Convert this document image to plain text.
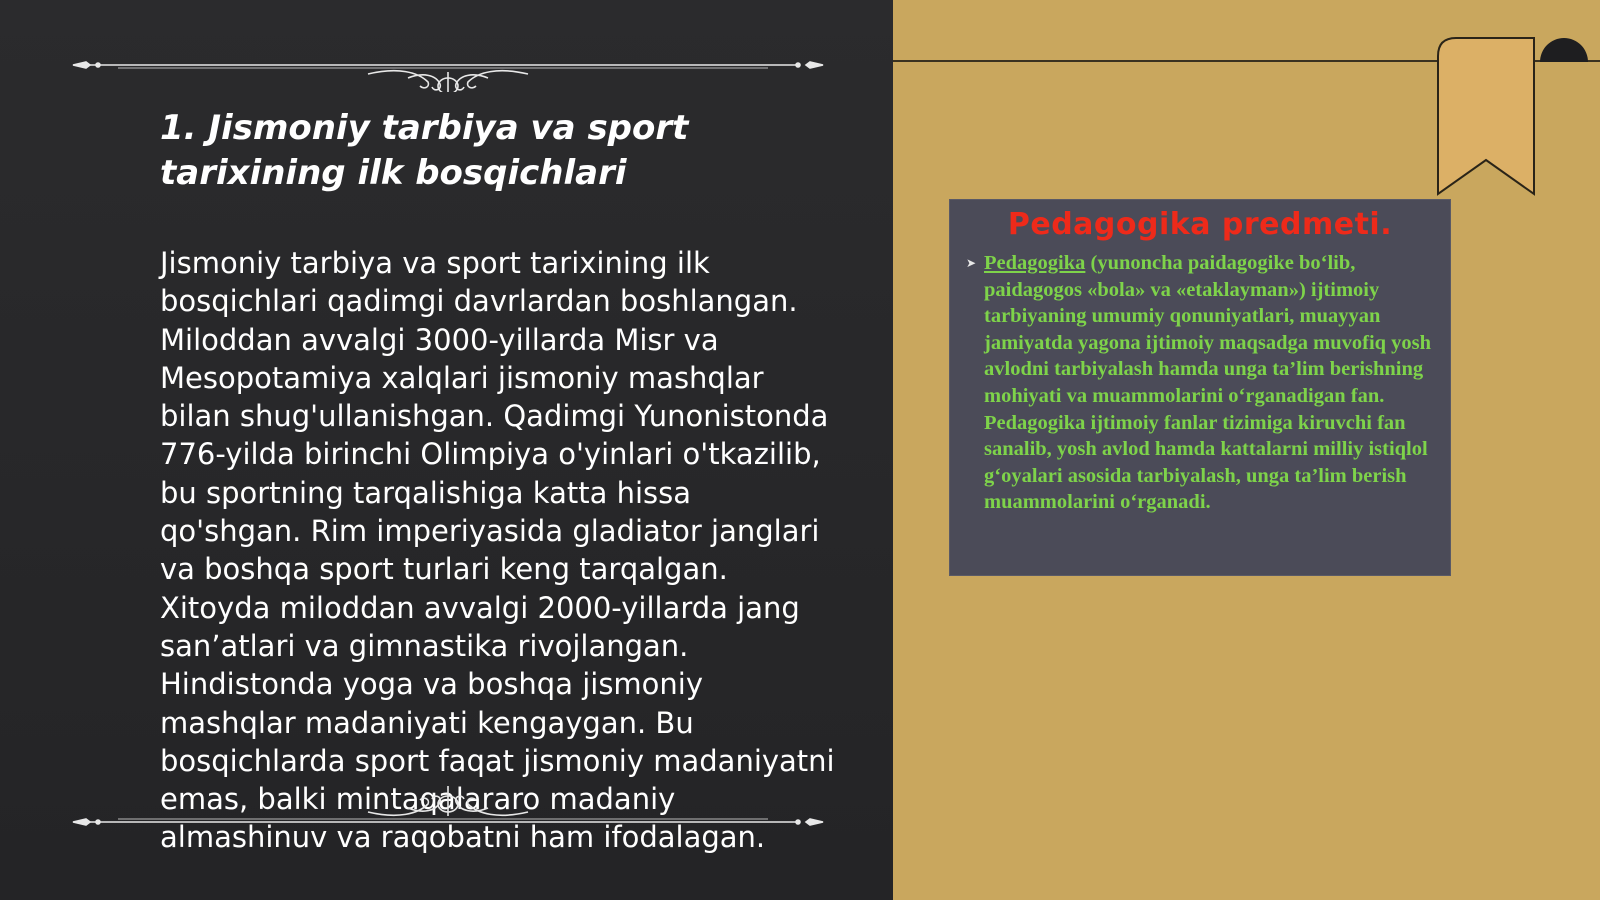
1. Jismoniy tarbiya va sport tarixining ilk bosqichlari

Jismoniy tarbiya va sport tarixining ilk bosqichlari qadimgi davrlardan boshlangan. Miloddan avvalgi 3000-yillarda Misr va Mesopotamiya xalqlari jismoniy mashqlar bilan shug'ullanishgan. Qadimgi Yunonistonda 776-yilda birinchi Olimpiya o'yinlari o'tkazilib, bu sportning tarqalishiga katta hissa qo'shgan. Rim imperiyasida gladiator janglari va boshqa sport turlari keng tarqalgan. Xitoyda miloddan avvalgi 2000-yillarda jang san’atlari va gimnastika rivojlangan. Hindistonda yoga va boshqa jismoniy mashqlar madaniyati kengaygan. Bu bosqichlarda sport faqat jismoniy madaniyatni emas, balki mintaqalararo madaniy almashinuv va raqobatni ham ifodalagan.

Pedagogika predmeti.

➤ Pedagogika (yunoncha paidagogike bo‘lib, paidagogos «bola» va «etaklayman») ijtimoiy tarbiyaning umumiy qonuniyatlari, muayyan jamiyatda yagona ijtimoiy maqsadga muvofiq yosh avlodni tarbiyalash hamda unga ta’lim berishning mohiyati va muammolarini o‘rganadigan fan. Pedagogika ijtimoiy fanlar tizimiga kiruvchi fan sanalib, yosh avlod hamda kattalarni milliy istiqlol g‘oyalari asosida tarbiyalash, unga ta’lim berish muammolarini o‘rganadi.
